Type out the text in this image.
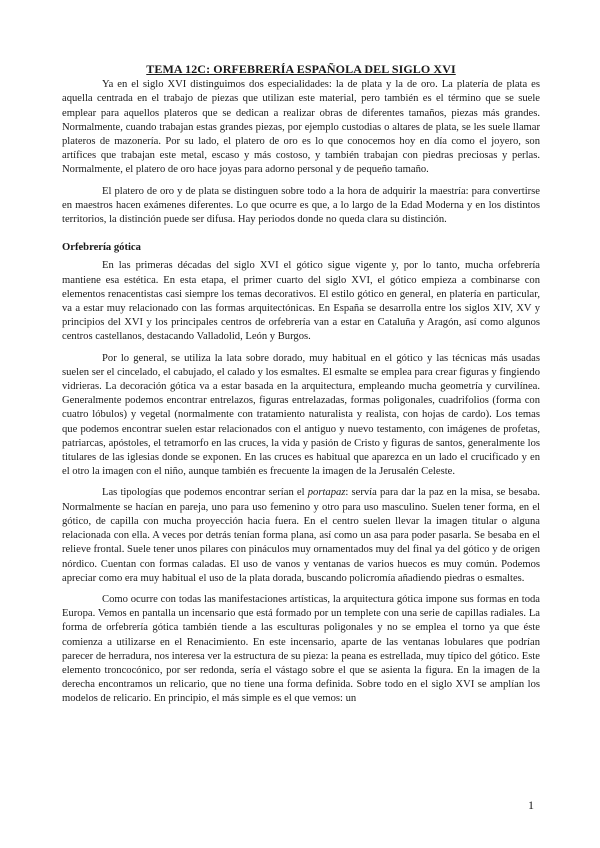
TEMA 12C: ORFEBRERÍA ESPAÑOLA DEL SIGLO XVI

Ya en el siglo XVI distinguimos dos especialidades: la de plata y la de oro. La platería de plata es aquella centrada en el trabajo de piezas que utilizan este material, pero también es el término que se suele emplear para aquellos plateros que se dedican a realizar obras de diferentes tamaños, piezas más grandes. Normalmente, cuando trabajan estas grandes piezas, por ejemplo custodias o altares de plata, se les suele llamar plateros de mazonería. Por su lado, el platero de oro es lo que conocemos hoy en día como el joyero, son artífices que trabajan este metal, escaso y más costoso, y también trabajan con piedras preciosas y perlas. Normalmente, el platero de oro hace joyas para adorno personal y de pequeño tamaño.

El platero de oro y de plata se distinguen sobre todo a la hora de adquirir la maestría: para convertirse en maestros hacen exámenes diferentes. Lo que ocurre es que, a lo largo de la Edad Moderna y en los distintos territorios, la distinción puede ser difusa. Hay periodos donde no queda clara su distinción.

Orfebrería gótica

En las primeras décadas del siglo XVI el gótico sigue vigente y, por lo tanto, mucha orfebrería mantiene esa estética. En esta etapa, el primer cuarto del siglo XVI, el gótico empieza a combinarse con elementos renacentistas casi siempre los temas decorativos. El estilo gótico en general, en platería en particular, va a estar muy relacionado con las formas arquitectónicas. En España se desarrolla entre los siglos XIV, XV y principios del XVI y los principales centros de orfebrería van a estar en Cataluña y Aragón, así como algunos centros castellanos, destacando Valladolid, León y Burgos.

Por lo general, se utiliza la lata sobre dorado, muy habitual en el gótico y las técnicas más usadas suelen ser el cincelado, el cabujado, el calado y los esmaltes. El esmalte se emplea para crear figuras y fingiendo vidrieras. La decoración gótica va a estar basada en la arquitectura, empleando mucha geometría y curvilínea. Generalmente podemos encontrar entrelazos, figuras entrelazadas, formas poligonales, cuadrifolios (forma con cuatro lóbulos) y vegetal (normalmente con tratamiento naturalista y realista, con hojas de cardo). Los temas que podemos encontrar suelen estar relacionados con el antiguo y nuevo testamento, con imágenes de profetas, patriarcas, apóstoles, el tetramorfo en las cruces, la vida y pasión de Cristo y figuras de santos, generalmente los titulares de las iglesias donde se exponen. En las cruces es habitual que aparezca en un lado el crucificado y en el otro la imagen con el niño, aunque también es frecuente la imagen de la Jerusalén Celeste.

Las tipologías que podemos encontrar serían el portapaz: servía para dar la paz en la misa, se besaba. Normalmente se hacían en pareja, uno para uso femenino y otro para uso masculino. Suelen tener forma, en el gótico, de capilla con mucha proyección hacia fuera. En el centro suelen llevar la imagen titular o alguna relacionada con ella. A veces por detrás tenían forma plana, así como un asa para poder pasarla. Se besaba en el relieve frontal. Suele tener unos pilares con pináculos muy ornamentados muy del final ya del gótico y de origen nórdico. Cuentan con formas caladas. El uso de vanos y ventanas de varios huecos es muy común. Podemos apreciar como era muy habitual el uso de la plata dorada, buscando policromía añadiendo piedras o esmaltes.

Como ocurre con todas las manifestaciones artísticas, la arquitectura gótica impone sus formas en toda Europa. Vemos en pantalla un incensario que está formado por un templete con una serie de capillas radiales. La forma de orfebrería gótica también tiende a las esculturas poligonales y no se emplea el torno ya que éste comienza a utilizarse en el Renacimiento. En este incensario, aparte de las ventanas lobulares que podrían parecer de herradura, nos interesa ver la estructura de su pieza: la peana es estrellada, muy típico del gótico. Este elemento troncocónico, por ser redonda, sería el vástago sobre el que se asienta la figura. En la imagen de la derecha encontramos un relicario, que no tiene una forma definida. Sobre todo en el siglo XVI se amplían los modelos de relicario. En principio, el más simple es el que vemos: un

1
